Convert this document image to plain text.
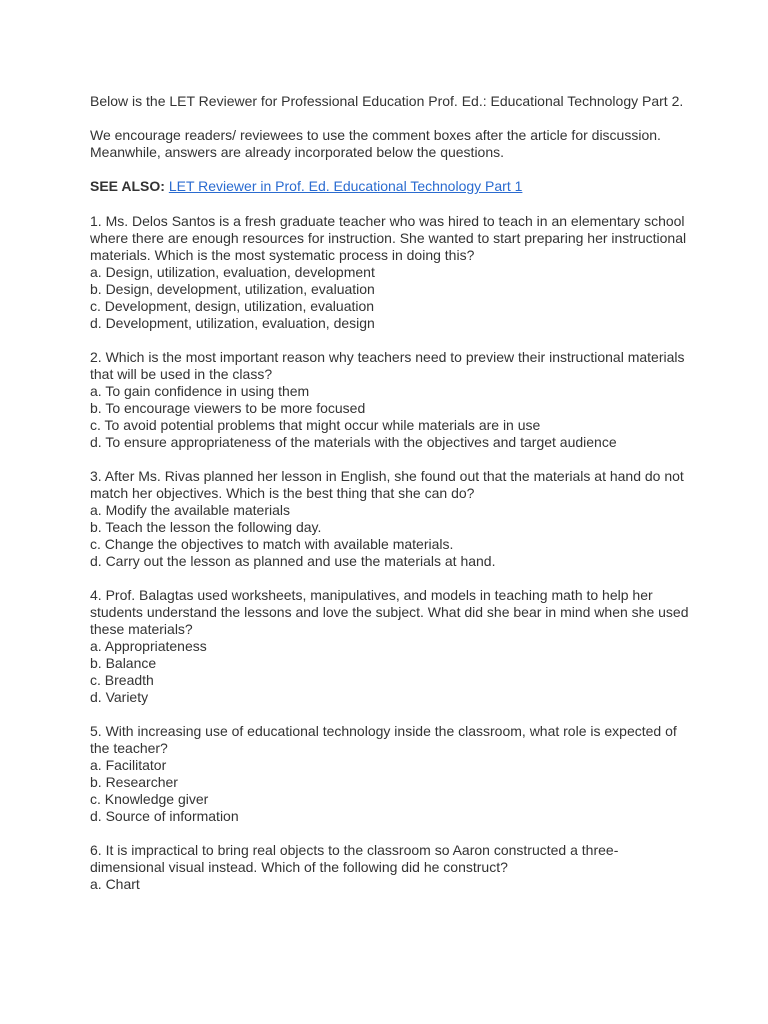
Below is the LET Reviewer for Professional Education Prof. Ed.: Educational Technology Part 2.

We encourage readers/ reviewees to use the comment boxes after the article for discussion. Meanwhile, answers are already incorporated below the questions.

SEE ALSO: LET Reviewer in Prof. Ed. Educational Technology Part 1

1. Ms. Delos Santos is a fresh graduate teacher who was hired to teach in an elementary school where there are enough resources for instruction. She wanted to start preparing her instructional materials. Which is the most systematic process in doing this?
a. Design, utilization, evaluation, development
b. Design, development, utilization, evaluation
c. Development, design, utilization, evaluation
d. Development, utilization, evaluation, design
2. Which is the most important reason why teachers need to preview their instructional materials that will be used in the class?
a. To gain confidence in using them
b. To encourage viewers to be more focused
c. To avoid potential problems that might occur while materials are in use
d. To ensure appropriateness of the materials with the objectives and target audience
3. After Ms. Rivas planned her lesson in English, she found out that the materials at hand do not match her objectives. Which is the best thing that she can do?
a. Modify the available materials
b. Teach the lesson the following day.
c. Change the objectives to match with available materials.
d. Carry out the lesson as planned and use the materials at hand.
4. Prof. Balagtas used worksheets, manipulatives, and models in teaching math to help her students understand the lessons and love the subject. What did she bear in mind when she used these materials?
a. Appropriateness
b. Balance
c. Breadth
d. Variety
5. With increasing use of educational technology inside the classroom, what role is expected of the teacher?
a. Facilitator
b. Researcher
c. Knowledge giver
d. Source of information
6. It is impractical to bring real objects to the classroom so Aaron constructed a three-dimensional visual instead. Which of the following did he construct?
a. Chart
